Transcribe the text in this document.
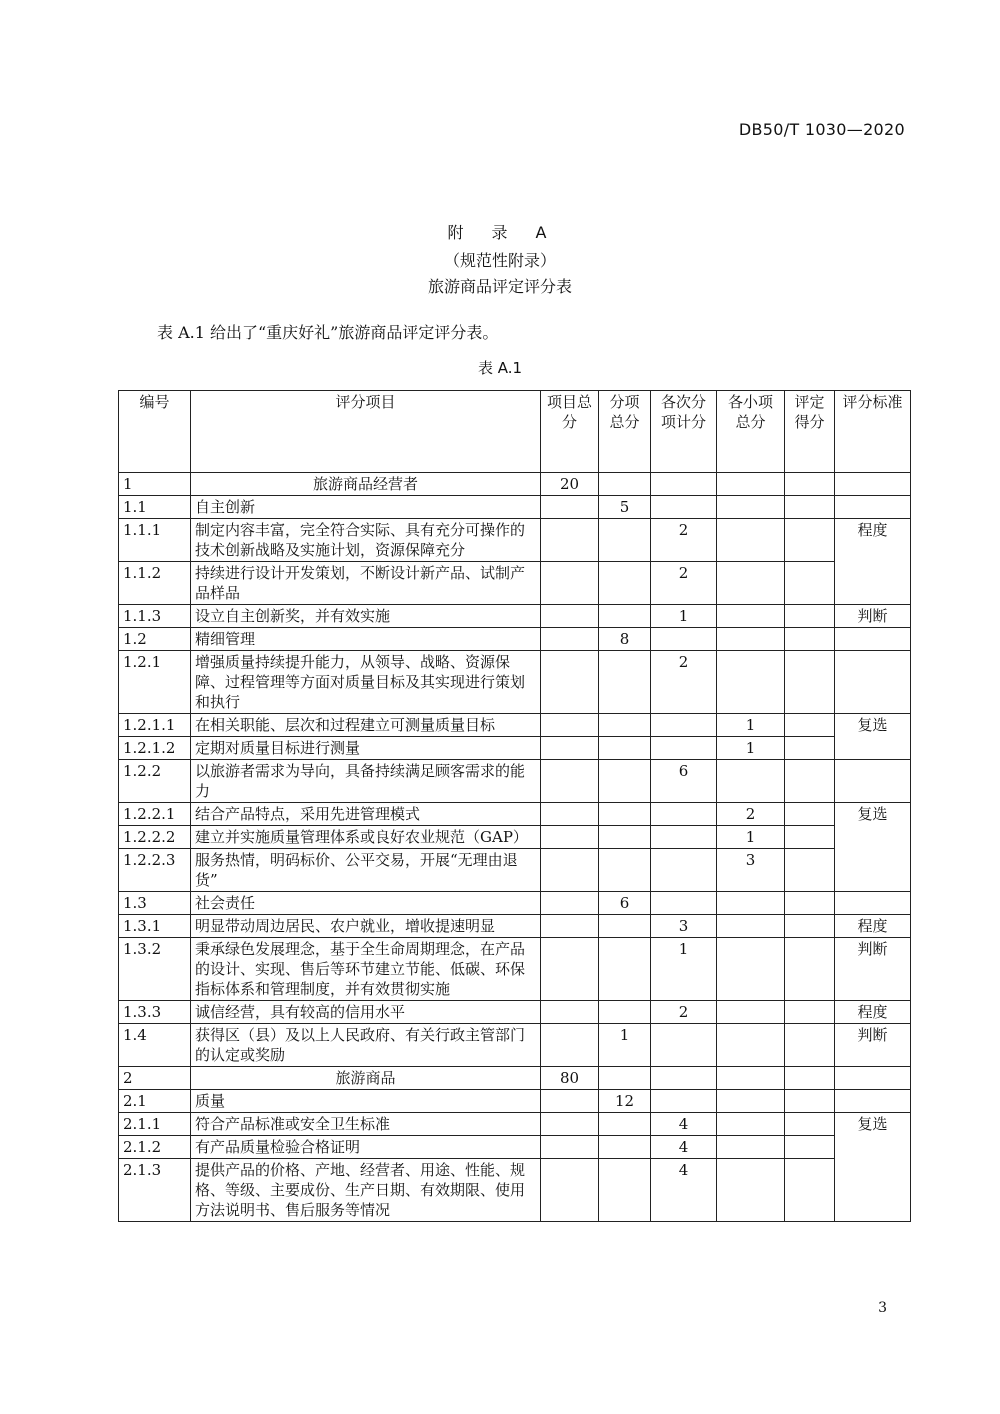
DB50/T 1030—2020
附　录　A
（规范性附录）
旅游商品评定评分表
表 A.1 给出了“重庆好礼”旅游商品评定评分表。
表 A.1
编号	评分项目	项目总分	分项总分	各次分项计分	各小项总分	评定得分	评分标准
1	旅游商品经营者	20					
1.1	自主创新		5				
1.1.1	制定内容丰富，完全符合实际、具有充分可操作的技术创新战略及实施计划，资源保障充分			2			程度
1.1.2	持续进行设计开发策划，不断设计新产品、试制产品样品			2			
1.1.3	设立自主创新奖，并有效实施			1			判断
1.2	精细管理		8				
1.2.1	增强质量持续提升能力，从领导、战略、资源保障、过程管理等方面对质量目标及其实现进行策划和执行			2			
1.2.1.1	在相关职能、层次和过程建立可测量质量目标				1		复选
1.2.1.2	定期对质量目标进行测量				1		
1.2.2	以旅游者需求为导向，具备持续满足顾客需求的能力			6			
1.2.2.1	结合产品特点，采用先进管理模式				2		复选
1.2.2.2	建立并实施质量管理体系或良好农业规范（GAP）				1		
1.2.2.3	服务热情，明码标价、公平交易，开展“无理由退货”				3		
1.3	社会责任		6				
1.3.1	明显带动周边居民、农户就业，增收提速明显			3			程度
1.3.2	秉承绿色发展理念，基于全生命周期理念，在产品的设计、实现、售后等环节建立节能、低碳、环保指标体系和管理制度，并有效贯彻实施			1			判断
1.3.3	诚信经营，具有较高的信用水平			2			程度
1.4	获得区（县）及以上人民政府、有关行政主管部门的认定或奖励		1				判断
2	旅游商品	80					
2.1	质量		12				
2.1.1	符合产品标准或安全卫生标准			4			复选
2.1.2	有产品质量检验合格证明			4			
2.1.3	提供产品的价格、产地、经营者、用途、性能、规格、等级、主要成份、生产日期、有效期限、使用方法说明书、售后服务等情况			4			
3
